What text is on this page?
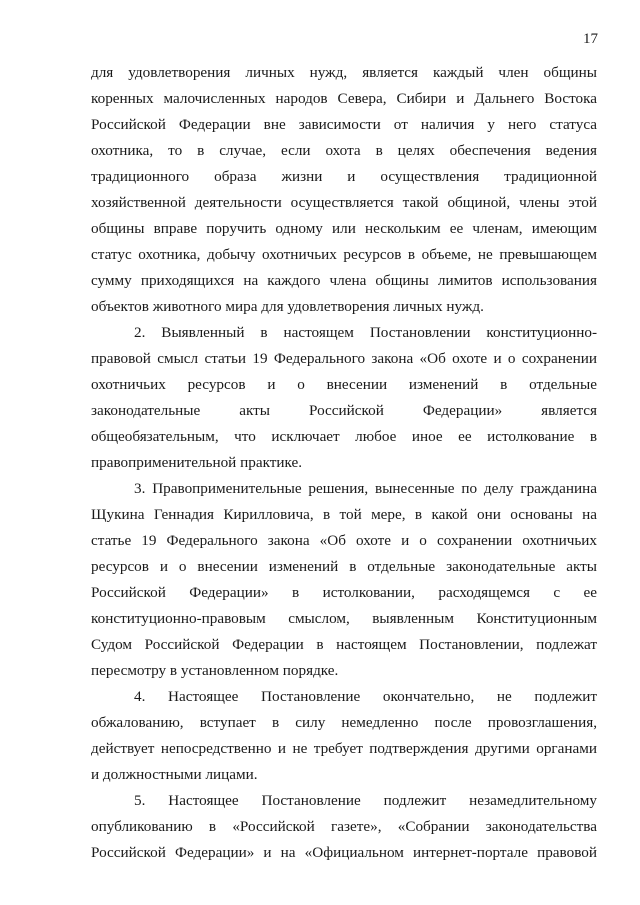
17
для удовлетворения личных нужд, является каждый член общины
коренных малочисленных народов Севера, Сибири и Дальнего Востока
Российской Федерации вне зависимости от наличия у него статуса
охотника, то в случае, если охота в целях обеспечения ведения
традиционного образа жизни и осуществления традиционной
хозяйственной деятельности осуществляется такой общиной, члены этой
общины вправе поручить одному или нескольким ее членам, имеющим
статус охотника, добычу охотничьих ресурсов в объеме, не превышающем
сумму приходящихся на каждого члена общины лимитов использования
объектов животного мира для удовлетворения личных нужд.
2. Выявленный в настоящем Постановлении конституционно-
правовой смысл статьи 19 Федерального закона «Об охоте и о сохранении
охотничьих ресурсов и о внесении изменений в отдельные
законодательные акты Российской Федерации» является
общеобязательным, что исключает любое иное ее истолкование в
правоприменительной практике.
3. Правоприменительные решения, вынесенные по делу гражданина
Щукина Геннадия Кирилловича, в той мере, в какой они основаны на
статье 19 Федерального закона «Об охоте и о сохранении охотничьих
ресурсов и о внесении изменений в отдельные законодательные акты
Российской Федерации» в истолковании, расходящемся с ее
конституционно-правовым смыслом, выявленным Конституционным
Судом Российской Федерации в настоящем Постановлении, подлежат
пересмотру в установленном порядке.
4. Настоящее Постановление окончательно, не подлежит
обжалованию, вступает в силу немедленно после провозглашения,
действует непосредственно и не требует подтверждения другими органами
и должностными лицами.
5. Настоящее Постановление подлежит незамедлительному
опубликованию в «Российской газете», «Собрании законодательства
Российской Федерации» и на «Официальном интернет-портале правовой
